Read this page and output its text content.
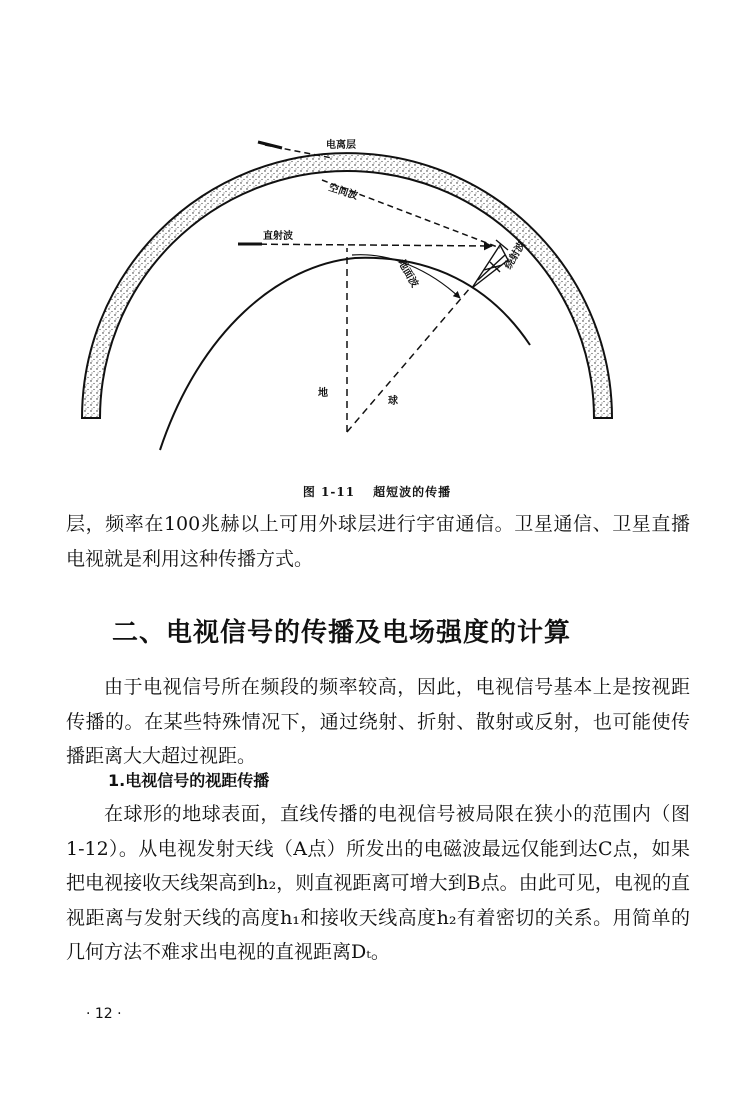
电离层
空间波
直射波
地面波
绕射波
地
球
图 1-11 超短波的传播

层，频率在100兆赫以上可用外球层进行宇宙通信。卫星通信、卫星直播电视就是利用这种传播方式。

二、电视信号的传播及电场强度的计算

由于电视信号所在频段的频率较高，因此，电视信号基本上是按视距传播的。在某些特殊情况下，通过绕射、折射、散射或反射，也可能使传播距离大大超过视距。

1.电视信号的视距传播

在球形的地球表面，直线传播的电视信号被局限在狭小的范围内（图1-12）。从电视发射天线（A点）所发出的电磁波最远仅能到达C点，如果把电视接收天线架高到h₂，则直视距离可增大到B点。由此可见，电视的直视距离与发射天线的高度h₁和接收天线高度h₂有着密切的关系。用简单的几何方法不难求出电视的直视距离Dₜ。

· 12 ·
